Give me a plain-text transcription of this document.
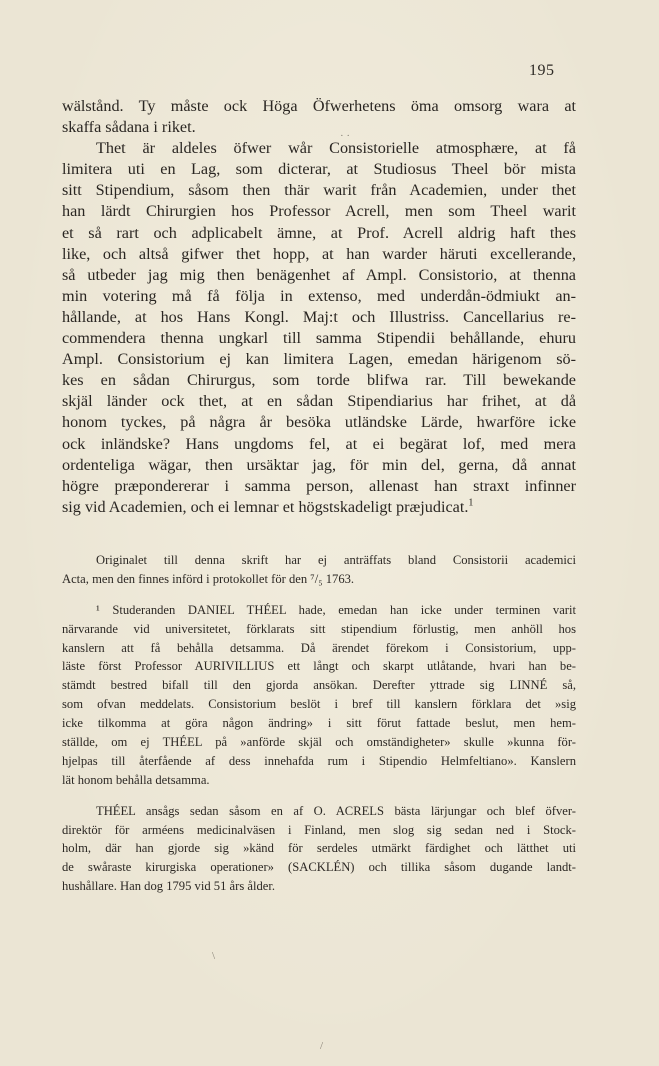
195
wälstånd. Ty måste ock Höga Öfwerhetens öma omsorg wara at
skaffa sådana i riket.
Thet är aldeles öfwer wår Consistorielle atmosphære, at få
limitera uti en Lag, som dicterar, at Studiosus Theel bör mista
sitt Stipendium, såsom then thär warit från Academien, under thet
han lärdt Chirurgien hos Professor Acrell, men som Theel warit
et så rart och adplicabelt ämne, at Prof. Acrell aldrig haft thes
like, och altså gifwer thet hopp, at han warder häruti excellerande,
så utbeder jag mig then benägenhet af Ampl. Consistorio, at thenna
min votering må få följa in extenso, med underdån-ödmiukt an-
hållande, at hos Hans Kongl. Maj:t och Illustriss. Cancellarius re-
commendera thenna ungkarl till samma Stipendii behållande, ehuru
Ampl. Consistorium ej kan limitera Lagen, emedan härigenom sö-
kes en sådan Chirurgus, som torde blifwa rar. Till bewekande
skjäl länder ock thet, at en sådan Stipendiarius har frihet, at då
honom tyckes, på några år besöka utländske Lärde, hwarföre icke
ock inländske? Hans ungdoms fel, at ei begärat lof, med mera
ordenteliga wägar, then ursäktar jag, för min del, gerna, då annat
högre præpondererar i samma person, allenast han straxt infinner
sig vid Academien, och ei lemnar et högstskadeligt præjudicat.$^1$
Originalet till denna skrift har ej anträffats bland Consistorii academici
Acta, men den finnes införd i protokollet för den ⁷/₅ 1763.
¹ Studeranden DANIEL THÉEL hade, emedan han icke under terminen varit
närvarande vid universitetet, förklarats sitt stipendium förlustig, men anhöll hos
kanslern att få behålla detsamma. Då ärendet förekom i Consistorium, upp-
läste först Professor AURIVILLIUS ett långt och skarpt utlåtande, hvari han be-
stämdt bestred bifall till den gjorda ansökan. Derefter yttrade sig LINNÉ så,
som ofvan meddelats. Consistorium beslöt i bref till kanslern förklara det »sig
icke tilkomma at göra någon ändring» i sitt förut fattade beslut, men hem-
ställde, om ej THÉEL på »anförde skjäl och omständigheter» skulle »kunna för-
hjelpas till återfående af dess innehafda rum i Stipendio Helmfeltiano». Kanslern
lät honom behålla detsamma.
THÉEL ansågs sedan såsom en af O. ACRELS bästa lärjungar och blef öfver-
direktör för arméens medicinalväsen i Finland, men slog sig sedan ned i Stock-
holm, där han gjorde sig »känd för serdeles utmärkt färdighet och lätthet uti
de swåraste kirurgiska operationer» (SACKLÉN) och tillika såsom dugande landt-
hushållare. Han dog 1795 vid 51 års ålder.
· ·
\
/
